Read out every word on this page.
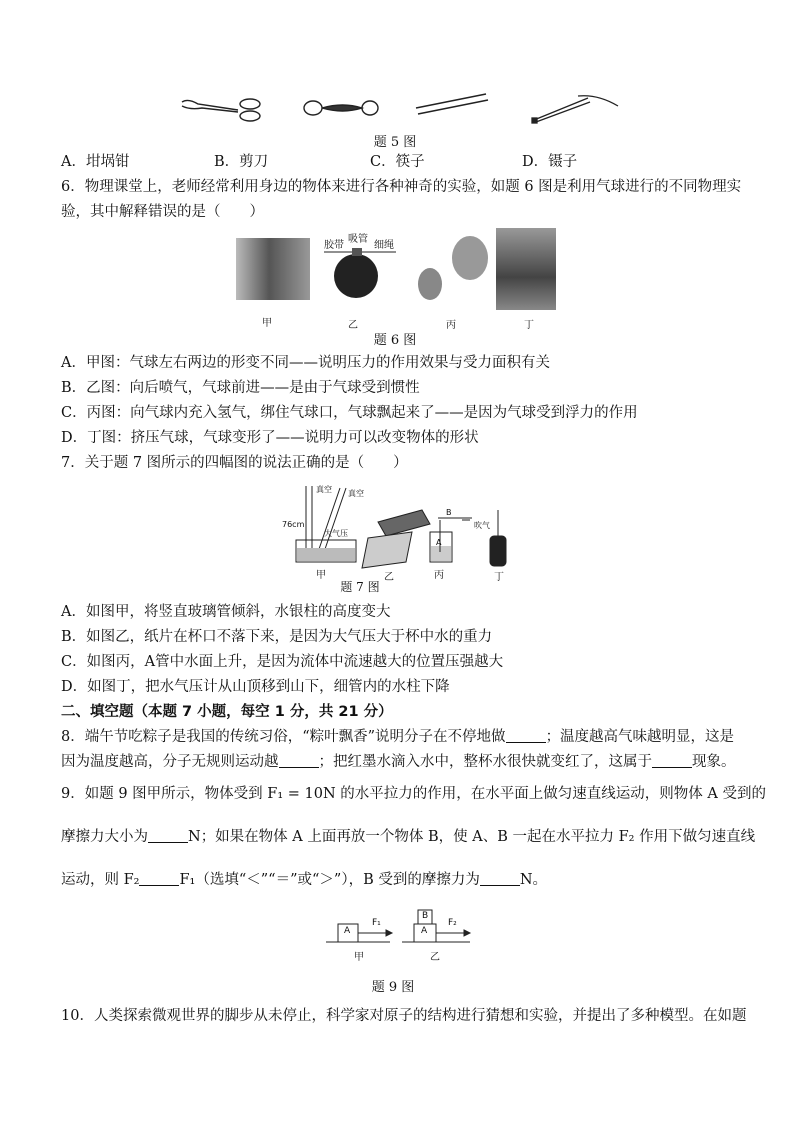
题 5 图
A．坩埚钳	B．剪刀	C．筷子	D．镊子
6．物理课堂上，老师经常利用身边的物体来进行各种神奇的实验，如题 6 图是利用气球进行的不同物理实
验，其中解释错误的是（　　）
胶带
吸管
细绳
甲	乙	丙	丁
题 6 图
A．甲图：气球左右两边的形变不同——说明压力的作用效果与受力面积有关
B．乙图：向后喷气，气球前进——是由于气球受到惯性
C．丙图：向气球内充入氢气，绑住气球口，气球飘起来了——是因为气球受到浮力的作用
D．丁图：挤压气球，气球变形了——说明力可以改变物体的形状
7．关于题 7 图所示的四幅图的说法正确的是（　　）
真空 真空
大气压
76cm
B
吹气
A
甲	乙	丙	丁
题 7 图
A．如图甲，将竖直玻璃管倾斜，水银柱的高度变大
B．如图乙，纸片在杯口不落下来，是因为大气压大于杯中水的重力
C．如图丙，A管中水面上升，是因为流体中流速越大的位置压强越大
D．如图丁，把水气压计从山顶移到山下，细管内的水柱下降
二、填空题（本题 7 小题，每空 1 分，共 21 分）
8．端午节吃粽子是我国的传统习俗，“粽叶飘香”说明分子在不停地做	；温度越高气味越明显，这是
因为温度越高，分子无规则运动越	；把红墨水滴入水中，整杯水很快就变红了，这属于	现象。
9．如题 9 图甲所示，物体受到 F₁ = 10N 的水平拉力的作用，在水平面上做匀速直线运动，则物体 A 受到的
摩擦力大小为	N；如果在物体 A 上面再放一个物体 B，使 A、B 一起在水平拉力 F₂ 作用下做匀速直线
运动，则 F₂	F₁（选填“＜”“＝”或“＞”），B 受到的摩擦力为	N。
A
F₁
B
A
F₂
甲	乙
题 9 图
10．人类探索微观世界的脚步从未停止，科学家对原子的结构进行猜想和实验，并提出了多种模型。在如题
